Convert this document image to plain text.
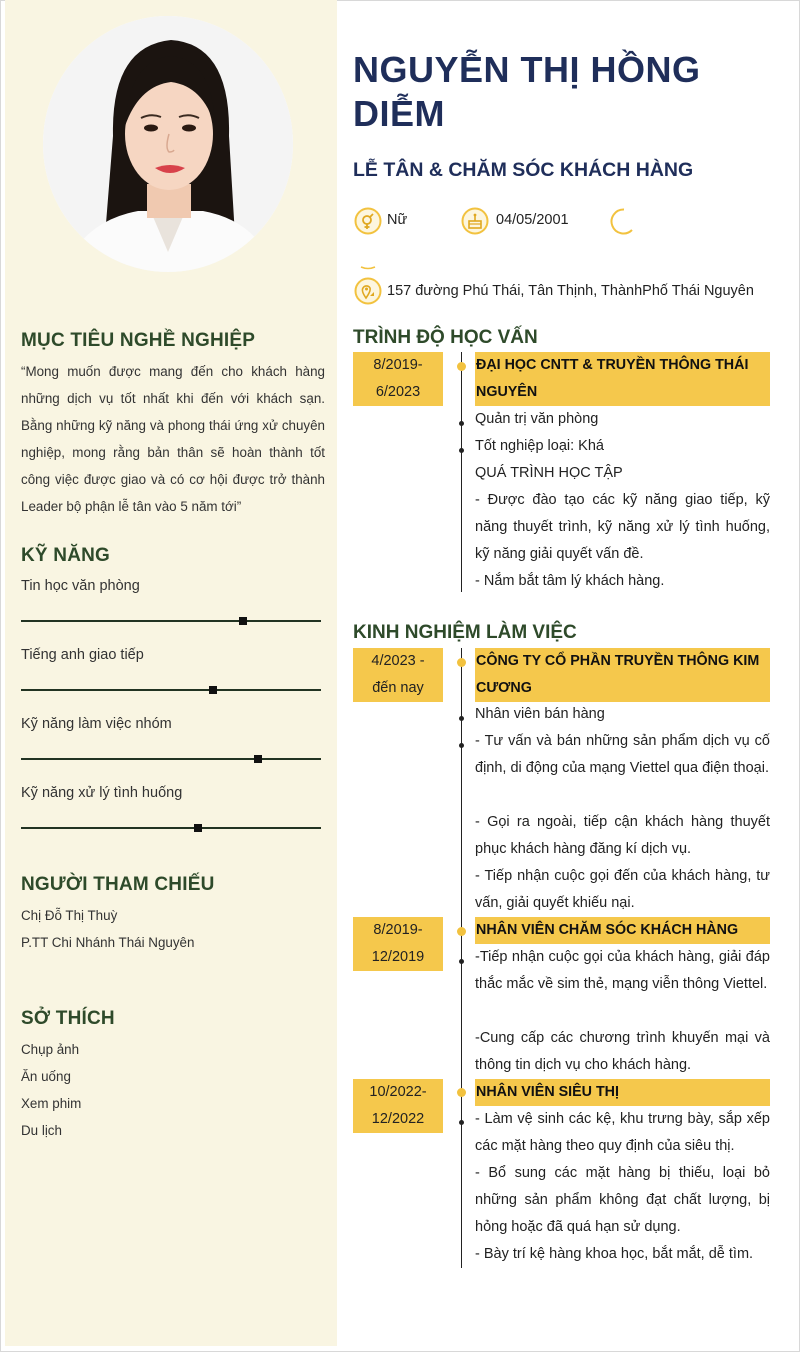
MỤC TIÊU NGHỀ NGHIỆP
“Mong muốn được mang đến cho khách hàng những dịch vụ tốt nhất khi đến với khách sạn. Bằng những kỹ năng và phong thái ứng xử chuyên nghiệp, mong rằng bản thân sẽ hoàn thành tốt công việc được giao và có cơ hội được trở thành Leader bộ phận lễ tân vào 5 năm tới”
KỸ NĂNG
Tin học văn phòng
Tiếng anh giao tiếp
Kỹ năng làm việc nhóm
Kỹ năng xử lý tình huống
NGƯỜI THAM CHIẾU
Chị Đỗ Thị Thuỳ
P.TT Chi Nhánh Thái Nguyên
SỞ THÍCH
Chụp ảnh
Ăn uống
Xem phim
Du lịch
NGUYỄN THỊ HỒNG DIỄM
LỄ TÂN & CHĂM SÓC KHÁCH HÀNG
Nữ	04/05/2001
157 đường Phú Thái, Tân Thịnh, ThànhPhố Thái Nguyên
TRÌNH ĐỘ HỌC VẤN
8/2019-
6/2023
ĐẠI HỌC CNTT & TRUYỀN THÔNG THÁI
NGUYÊN
Quản trị văn phòng
Tốt nghiệp loại: Khá
QUÁ TRÌNH HỌC TẬP
- Được đào tạo các kỹ năng giao tiếp, kỹ năng thuyết trình, kỹ năng xử lý tình huống, kỹ năng giải quyết vấn đề.
- Nắm bắt tâm lý khách hàng.
KINH NGHIỆM LÀM VIỆC
4/2023 -
đến nay
CÔNG TY CỔ PHẦN TRUYỀN THÔNG KIM
CƯƠNG
Nhân viên bán hàng
- Tư vấn và bán những sản phẩm dịch vụ cố định, di động của mạng Viettel qua điện thoại.
- Gọi ra ngoài, tiếp cận khách hàng thuyết phục khách hàng đăng kí dịch vụ.
- Tiếp nhận cuộc gọi đến của khách hàng, tư vấn, giải quyết khiếu nại.
8/2019-
12/2019
NHÂN VIÊN CHĂM SÓC KHÁCH HÀNG
-Tiếp nhận cuộc gọi của khách hàng, giải đáp thắc mắc về sim thẻ, mạng viễn thông Viettel.
-Cung cấp các chương trình khuyến mại và thông tin dịch vụ cho khách hàng.
10/2022-
12/2022
NHÂN VIÊN SIÊU THỊ
- Làm vệ sinh các kệ, khu trưng bày, sắp xếp các mặt hàng theo quy định của siêu thị.
- Bổ sung các mặt hàng bị thiếu, loại bỏ những sản phẩm không đạt chất lượng, bị hỏng hoặc đã quá hạn sử dụng.
- Bày trí kệ hàng khoa học, bắt mắt, dễ tìm.
